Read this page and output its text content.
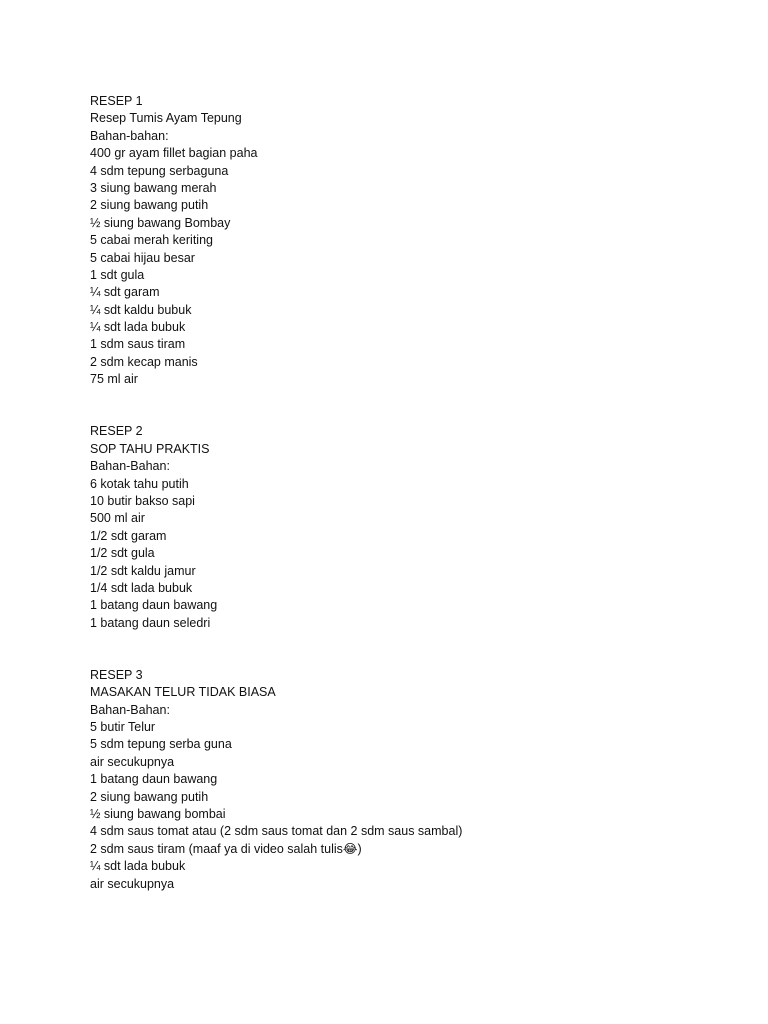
RESEP 1
Resep Tumis Ayam Tepung
Bahan-bahan:
400 gr ayam fillet bagian paha
4 sdm tepung serbaguna
3 siung bawang merah
2 siung bawang putih
½ siung bawang Bombay
5 cabai merah keriting
5 cabai hijau besar
1 sdt gula
¼ sdt garam
¼ sdt kaldu bubuk
¼ sdt lada bubuk
1 sdm saus tiram
2 sdm kecap manis
75 ml air
RESEP 2
SOP TAHU PRAKTIS
Bahan-Bahan:
6 kotak tahu putih
10 butir bakso sapi
500 ml air
1/2 sdt garam
1/2 sdt gula
1/2 sdt kaldu jamur
1/4 sdt lada bubuk
1 batang daun bawang
1 batang daun seledri
RESEP 3
MASAKAN TELUR TIDAK BIASA
Bahan-Bahan:
5 butir Telur
5 sdm tepung serba guna
air secukupnya
1 batang daun bawang
2 siung bawang putih
½ siung bawang bombai
4 sdm saus tomat atau (2 sdm saus tomat dan 2 sdm saus sambal)
2 sdm saus tiram (maaf ya di video salah tulis😂)
¼ sdt lada bubuk
air secukupnya
